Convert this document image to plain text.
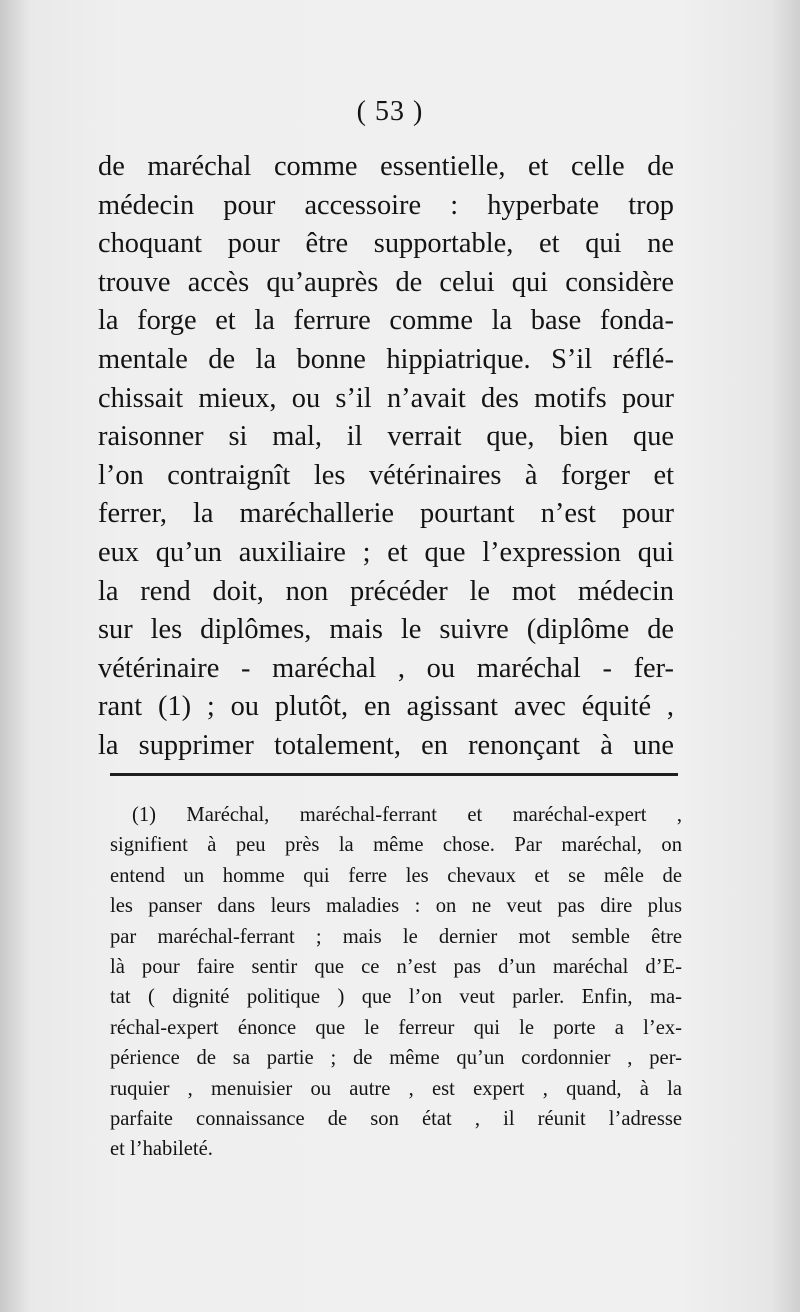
( 53 )
de maréchal comme essentielle, et celle de
médecin pour accessoire : hyperbate trop
choquant pour être supportable, et qui ne
trouve accès qu’auprès de celui qui considère
la forge et la ferrure comme la base fonda-
mentale de la bonne hippiatrique. S’il réflé-
chissait mieux, ou s’il n’avait des motifs pour
raisonner si mal, il verrait que, bien que
l’on contraignît les vétérinaires à forger et
ferrer, la maréchallerie pourtant n’est pour
eux qu’un auxiliaire ; et que l’expression qui
la rend doit, non précéder le mot médecin
sur les diplômes, mais le suivre (diplôme de
vétérinaire - maréchal , ou maréchal - fer-
rant (1) ; ou plutôt, en agissant avec équité ,
la supprimer totalement, en renonçant à une
(1) Maréchal, maréchal-ferrant et maréchal-expert ,
signifient à peu près la même chose. Par maréchal, on
entend un homme qui ferre les chevaux et se mêle de
les panser dans leurs maladies : on ne veut pas dire plus
par maréchal-ferrant ; mais le dernier mot semble être
là pour faire sentir que ce n’est pas d’un maréchal d’E-
tat ( dignité politique ) que l’on veut parler. Enfin, ma-
réchal-expert énonce que le ferreur qui le porte a l’ex-
périence de sa partie ; de même qu’un cordonnier , per-
ruquier , menuisier ou autre , est expert , quand, à la
parfaite connaissance de son état , il réunit l’adresse
et l’habileté.
